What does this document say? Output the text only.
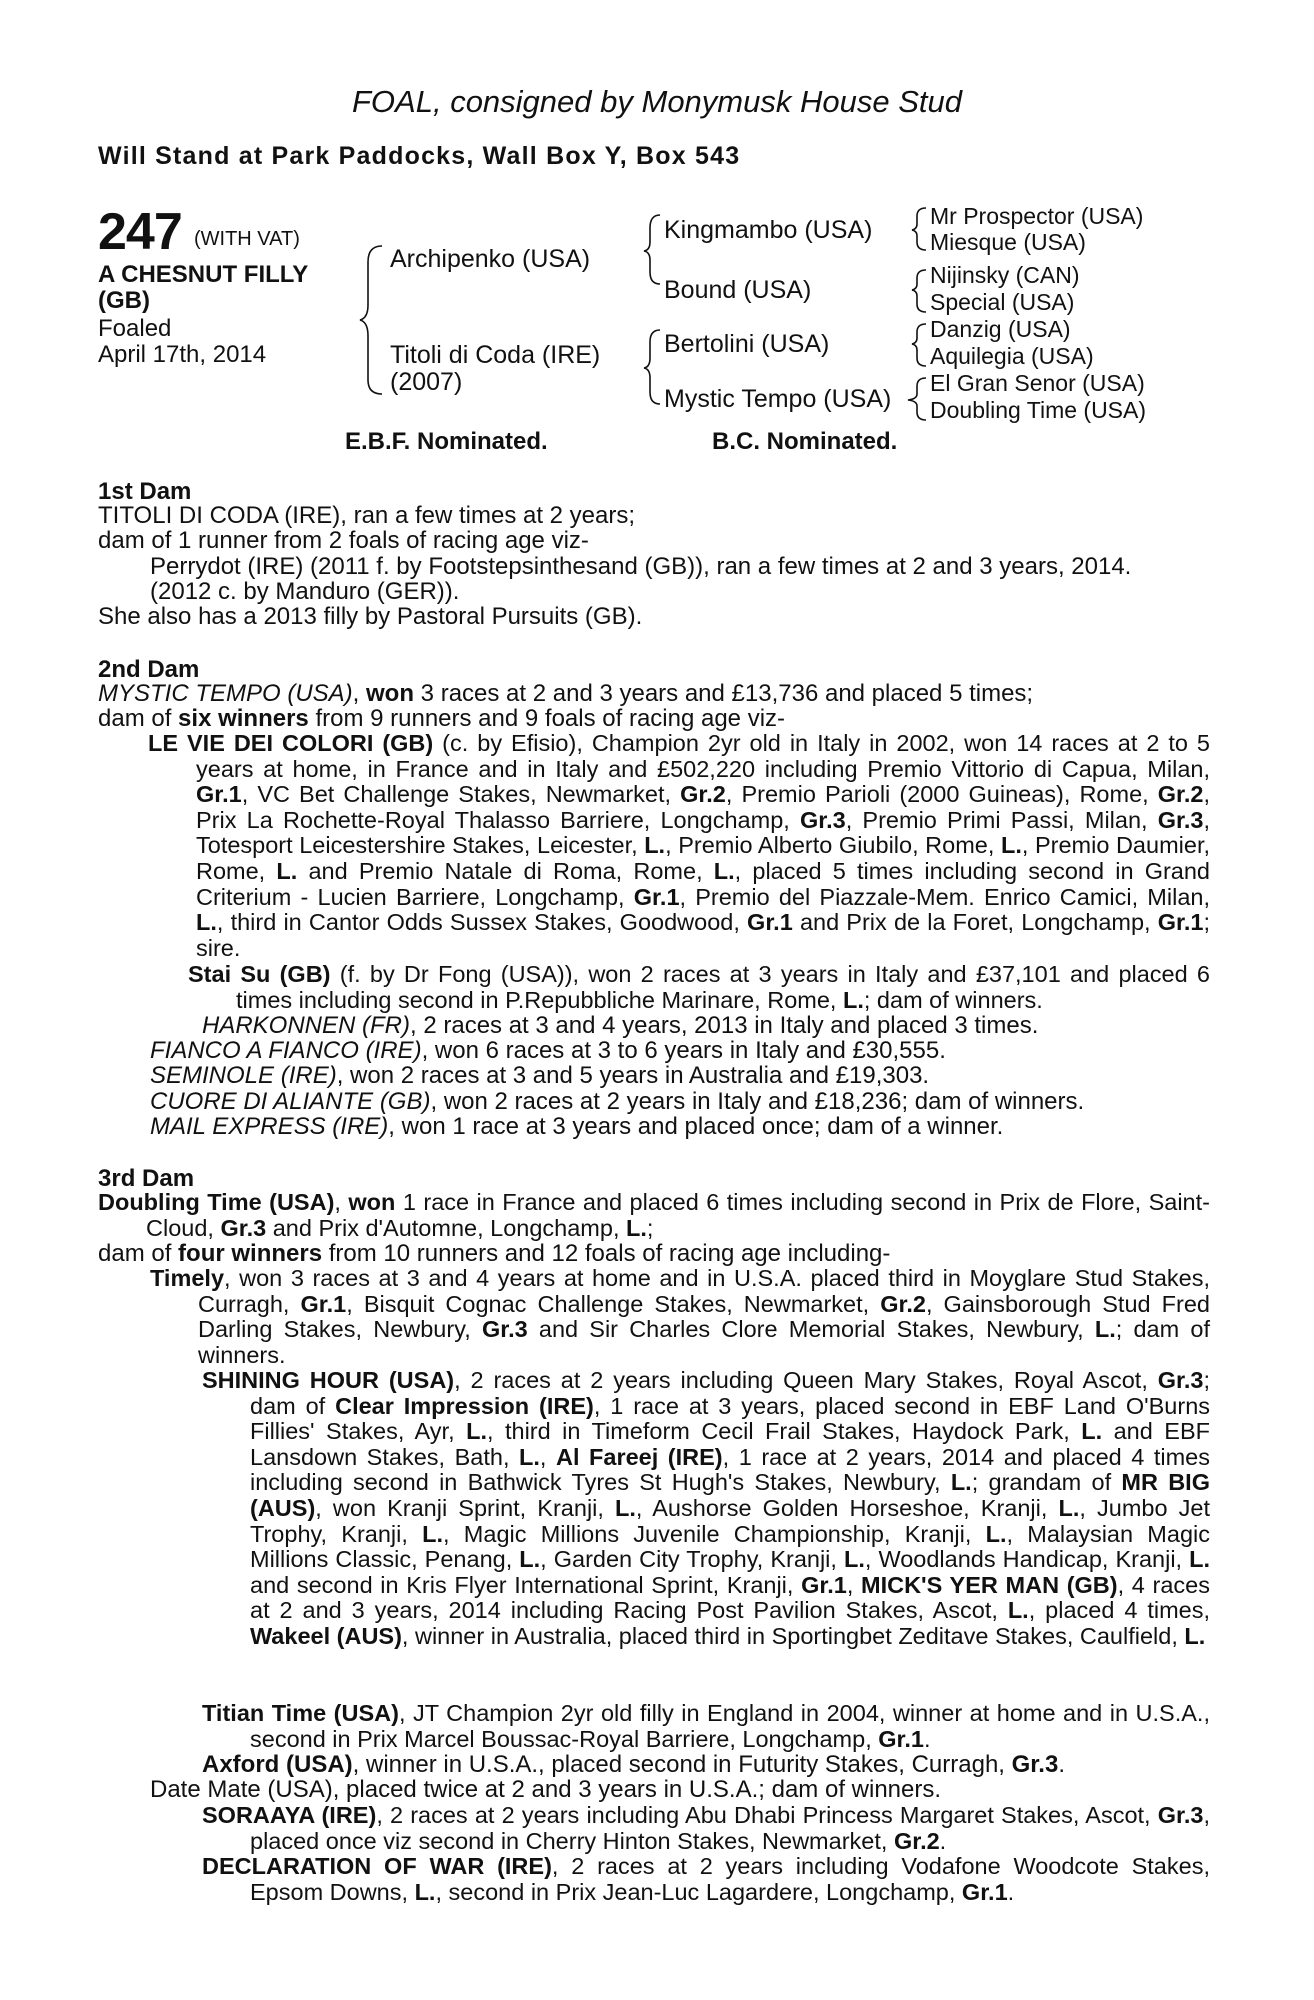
FOAL, consigned by Monymusk House Stud
Will Stand at Park Paddocks, Wall Box Y, Box 543
247 (WITH VAT)
A CHESNUT FILLY
(GB)
Foaled
April 17th, 2014
Archipenko (USA)
Titoli di Coda (IRE)
(2007)
Kingmambo (USA)
Bound (USA)
Bertolini (USA)
Mystic Tempo (USA)
Mr Prospector (USA)
Miesque (USA)
Nijinsky (CAN)
Special (USA)
Danzig (USA)
Aquilegia (USA)
El Gran Senor (USA)
Doubling Time (USA)
E.B.F. Nominated.	B.C. Nominated.
1st Dam
TITOLI DI CODA (IRE), ran a few times at 2 years;
dam of 1 runner from 2 foals of racing age viz-
Perrydot (IRE) (2011 f. by Footstepsinthesand (GB)), ran a few times at 2 and 3 years, 2014.
(2012 c. by Manduro (GER)).
She also has a 2013 filly by Pastoral Pursuits (GB).
2nd Dam
MYSTIC TEMPO (USA), won 3 races at 2 and 3 years and £13,736 and placed 5 times;
dam of six winners from 9 runners and 9 foals of racing age viz-

LE VIE DEI COLORI (GB) (c. by Efisio), Champion 2yr old in Italy in 2002, won 14 races at 2 to 5 years at home, in France and in Italy and £502,220 including Premio Vittorio di Capua, Milan, Gr.1, VC Bet Challenge Stakes, Newmarket, Gr.2, Premio Parioli (2000 Guineas), Rome, Gr.2, Prix La Rochette-Royal Thalasso Barriere, Longchamp, Gr.3, Premio Primi Passi, Milan, Gr.3, Totesport Leicestershire Stakes, Leicester, L., Premio Alberto Giubilo, Rome, L., Premio Daumier, Rome, L. and Premio Natale di Roma, Rome, L., placed 5 times including second in Grand Criterium - Lucien Barriere, Longchamp, Gr.1, Premio del Piazzale-Mem. Enrico Camici, Milan, L., third in Cantor Odds Sussex Stakes, Goodwood, Gr.1 and Prix de la Foret, Longchamp, Gr.1; sire.

Stai Su (GB) (f. by Dr Fong (USA)), won 2 races at 3 years in Italy and £37,101 and placed 6 times including second in P.Repubbliche Marinare, Rome, L.; dam of winners.

HARKONNEN (FR), 2 races at 3 and 4 years, 2013 in Italy and placed 3 times.
FIANCO A FIANCO (IRE), won 6 races at 3 to 6 years in Italy and £30,555.
SEMINOLE (IRE), won 2 races at 3 and 5 years in Australia and £19,303.
CUORE DI ALIANTE (GB), won 2 races at 2 years in Italy and £18,236; dam of winners.
MAIL EXPRESS (IRE), won 1 race at 3 years and placed once; dam of a winner.
3rd Dam

Doubling Time (USA), won 1 race in France and placed 6 times including second in Prix de Flore, Saint-Cloud, Gr.3 and Prix d'Automne, Longchamp, L.;

dam of four winners from 10 runners and 12 foals of racing age including-

Timely, won 3 races at 3 and 4 years at home and in U.S.A. placed third in Moyglare Stud Stakes, Curragh, Gr.1, Bisquit Cognac Challenge Stakes, Newmarket, Gr.2, Gainsborough Stud Fred Darling Stakes, Newbury, Gr.3 and Sir Charles Clore Memorial Stakes, Newbury, L.; dam of winners.

SHINING HOUR (USA), 2 races at 2 years including Queen Mary Stakes, Royal Ascot, Gr.3; dam of Clear Impression (IRE), 1 race at 3 years, placed second in EBF Land O'Burns Fillies' Stakes, Ayr, L., third in Timeform Cecil Frail Stakes, Haydock Park, L. and EBF Lansdown Stakes, Bath, L., Al Fareej (IRE), 1 race at 2 years, 2014 and placed 4 times including second in Bathwick Tyres St Hugh's Stakes, Newbury, L.; grandam of MR BIG (AUS), won Kranji Sprint, Kranji, L., Aushorse Golden Horseshoe, Kranji, L., Jumbo Jet Trophy, Kranji, L., Magic Millions Juvenile Championship, Kranji, L., Malaysian Magic Millions Classic, Penang, L., Garden City Trophy, Kranji, L., Woodlands Handicap, Kranji, L. and second in Kris Flyer International Sprint, Kranji, Gr.1, MICK'S YER MAN (GB), 4 races at 2 and 3 years, 2014 including Racing Post Pavilion Stakes, Ascot, L., placed 4 times, Wakeel (AUS), winner in Australia, placed third in Sportingbet Zeditave Stakes, Caulfield, L.

Titian Time (USA), JT Champion 2yr old filly in England in 2004, winner at home and in U.S.A., second in Prix Marcel Boussac-Royal Barriere, Longchamp, Gr.1.

Axford (USA), winner in U.S.A., placed second in Futurity Stakes, Curragh, Gr.3.
Date Mate (USA), placed twice at 2 and 3 years in U.S.A.; dam of winners.

SORAAYA (IRE), 2 races at 2 years including Abu Dhabi Princess Margaret Stakes, Ascot, Gr.3, placed once viz second in Cherry Hinton Stakes, Newmarket, Gr.2.

DECLARATION OF WAR (IRE), 2 races at 2 years including Vodafone Woodcote Stakes, Epsom Downs, L., second in Prix Jean-Luc Lagardere, Longchamp, Gr.1.
